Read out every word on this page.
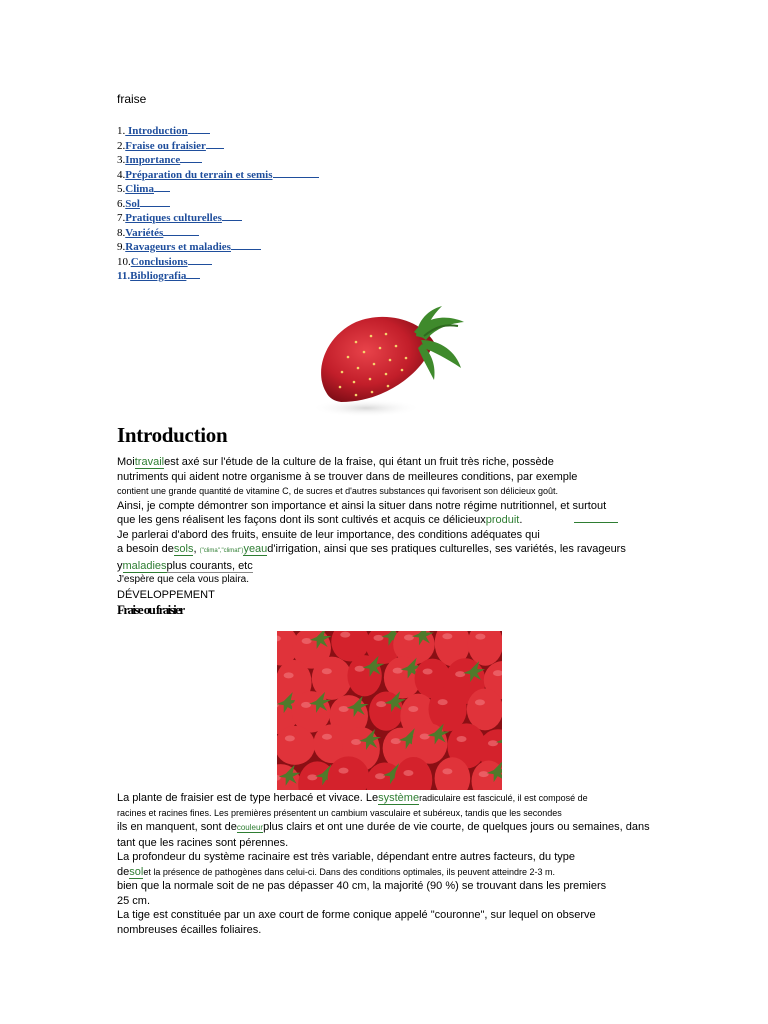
fraise
1. Introduction
2.Fraise ou fraisier
3.Importance
4.Préparation du terrain et semis
5.Clima
6.Sol
7.Pratiques culturelles
8.Variétés
9.Ravageurs et maladies
10.Conclusions
11.Bibliografia
Introduction

Moitravailest axé sur l'étude de la culture de la fraise, qui étant un fruit très riche, possède

nutriments qui aident notre organisme à se trouver dans de meilleures conditions, par exemple

contient une grande quantité de vitamine C, de sucres et d'autres substances qui favorisent son délicieux goût.

Ainsi, je compte démontrer son importance et ainsi la situer dans notre régime nutritionnel, et surtout

que les gens réalisent les façons dont ils sont cultivés et acquis ce délicieuxproduit.

Je parlerai d'abord des fruits, ensuite de leur importance, des conditions adéquates qui

a besoin desols, ("clima","climat")yeaud'irrigation, ainsi que ses pratiques culturelles, ses variétés, les ravageurs

ymaladiesplus courants, etc

J'espère que cela vous plaira.

DÉVELOPPEMENT

Fraise ou fraisier

La plante de fraisier est de type herbacé et vivace. Lesystèmeradiculaire est fasciculé, il est composé de

racines et racines fines. Les premières présentent un cambium vasculaire et subéreux, tandis que les secondes

ils en manquent, sont decouleurplus clairs et ont une durée de vie courte, de quelques jours ou semaines, dans

tant que les racines sont pérennes.

La profondeur du système racinaire est très variable, dépendant entre autres facteurs, du type

desolet la présence de pathogènes dans celui-ci. Dans des conditions optimales, ils peuvent atteindre 2-3 m.

bien que la normale soit de ne pas dépasser 40 cm, la majorité (90 %) se trouvant dans les premiers

25 cm.

La tige est constituée par un axe court de forme conique appelé "couronne", sur lequel on observe

nombreuses écailles foliaires.
